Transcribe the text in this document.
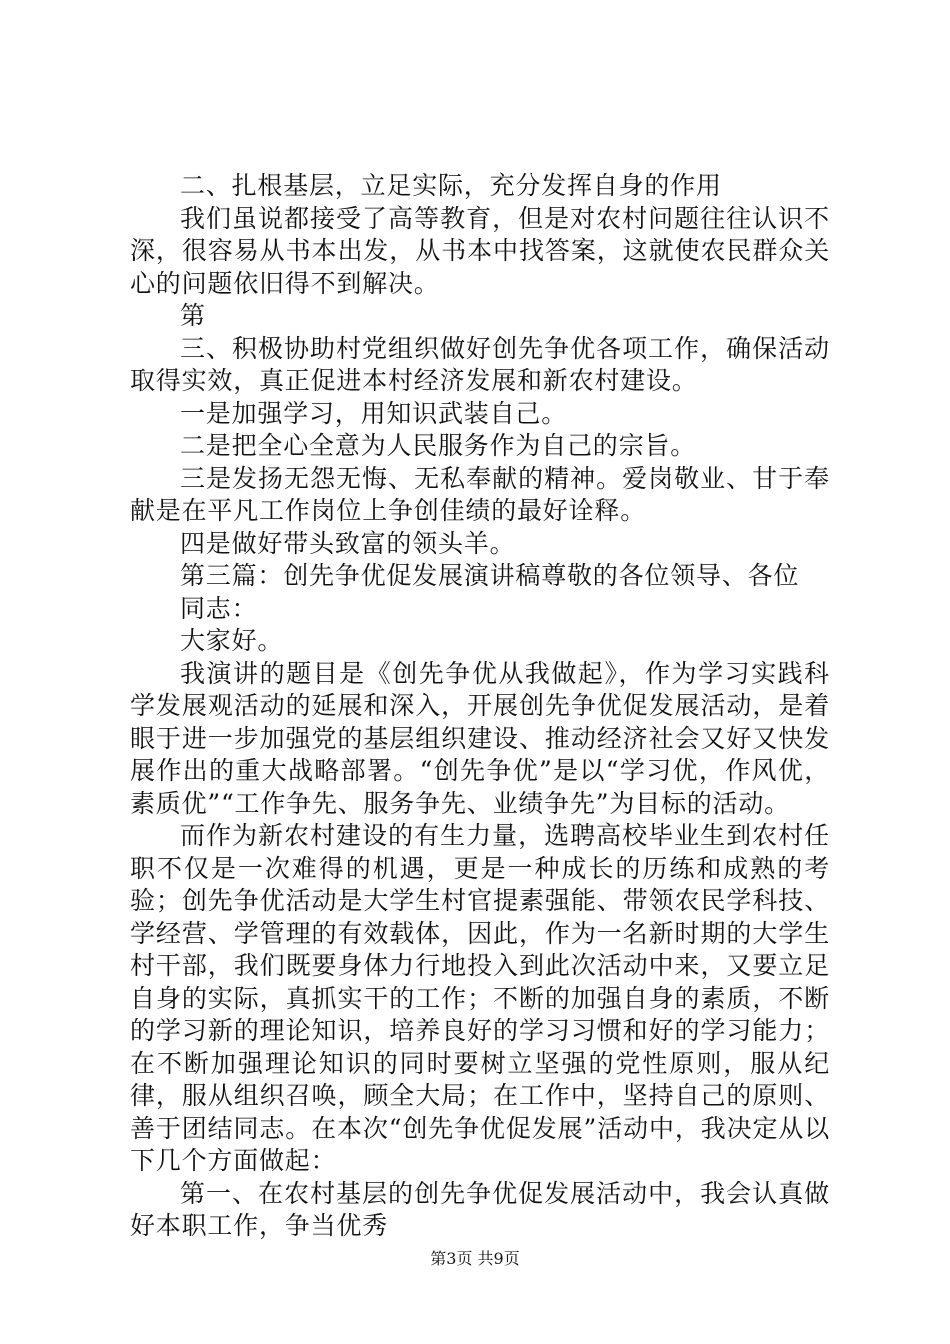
二、扎根基层，立足实际，充分发挥自身的作用

我们虽说都接受了高等教育，但是对农村问题往往认识不深，很容易从书本出发，从书本中找答案，这就使农民群众关心的问题依旧得不到解决。

第

三、积极协助村党组织做好创先争优各项工作，确保活动取得实效，真正促进本村经济发展和新农村建设。

一是加强学习，用知识武装自己。

二是把全心全意为人民服务作为自己的宗旨。

三是发扬无怨无悔、无私奉献的精神。爱岗敬业、甘于奉献是在平凡工作岗位上争创佳绩的最好诠释。

四是做好带头致富的领头羊。

第三篇：创先争优促发展演讲稿尊敬的各位领导、各位

同志：

大家好。

我演讲的题目是《创先争优从我做起》，作为学习实践科学发展观活动的延展和深入，开展创先争优促发展活动，是着眼于进一步加强党的基层组织建设、推动经济社会又好又快发展作出的重大战略部署。“创先争优”是以“学习优，作风优，素质优”“工作争先、服务争先、业绩争先”为目标的活动。

而作为新农村建设的有生力量，选聘高校毕业生到农村任职不仅是一次难得的机遇，更是一种成长的历练和成熟的考验；创先争优活动是大学生村官提素强能、带领农民学科技、学经营、学管理的有效载体，因此，作为一名新时期的大学生村干部，我们既要身体力行地投入到此次活动中来，又要立足自身的实际，真抓实干的工作；不断的加强自身的素质，不断的学习新的理论知识，培养良好的学习习惯和好的学习能力；在不断加强理论知识的同时要树立坚强的党性原则，服从纪律，服从组织召唤，顾全大局；在工作中，坚持自己的原则、善于团结同志。在本次“创先争优促发展”活动中，我决定从以下几个方面做起：

第一、在农村基层的创先争优促发展活动中，我会认真做好本职工作，争当优秀

第3页 共9页
